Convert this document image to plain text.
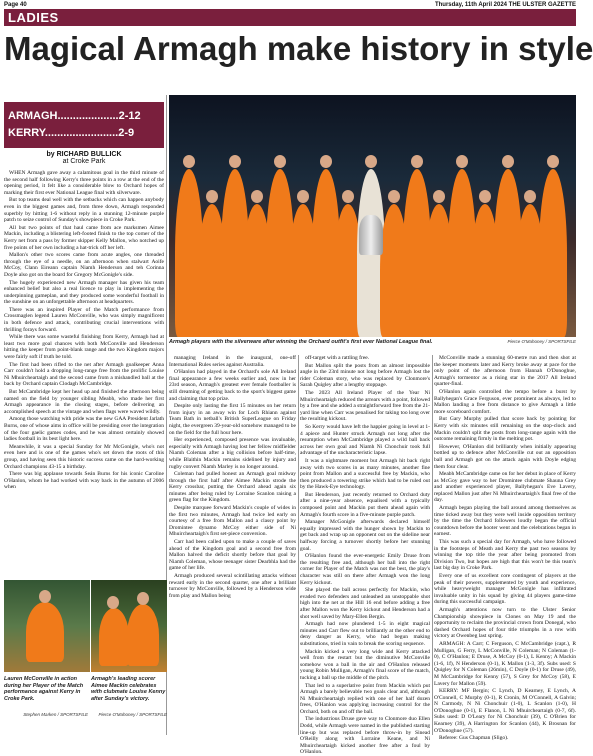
Page 40	Thursday, 11th April 2024 THE ULSTER GAZETTE
LADIES
Magical Armagh make history in style
ARMAGH....................2-12
KERRY........................2-9
by RICHARD BULLICK
at Croke Park

WHEN Armagh gave away a calamitous goal in the third minute of the second half following Kerry's three points in a row at the end of the opening period, it felt like a considerable blow to Orchard hopes of marking their first ever National League final with silverware.

But top teams deal well with the setbacks which can happen anybody even in the biggest games and, from three down, Armagh responded superbly by hitting 1-6 without reply in a stunning 12-minute purple patch to seize control of Sunday's showpiece in Croke Park.

All but two points of that haul came from ace marksmen Aimee Mackin, including a blistering left-footed finish to the top corner of the Kerry net from a pass by former skipper Kelly Mallon, who notched up five points of her own including a hat-trick off her left.

Mallon's other two scores came from acute angles, one threaded through the eye of a needle, on an afternoon when stalwart Aoife McCoy, Clann Eireann captain Niamh Henderson and teh Corinna Doyle also got on the board for Gregory McGonigle's side.

The hugely experienced new Armagh manager has given his team enhanced belief but also a real licence to play in implementing the underpinning gameplan, and they produced some wonderful football in the sunshine on an unforgettable afternoon at headquarters.

There was an inspired Player of the Match performance from Crossmaglen legend Lauren McConville, who was simply magnificent in both defence and attack, contributing crucial interventions with thrilling forays forward.

While there was some wasteful finishing from Kerry, Armagh had at least two more goal chances with both McConville and Henderson hitting the keeper from point-blank range and the two Kingdom majors were fairly soft if truth be told.

The first had been rifled to the net after Armagh goalkeeper Anna Carr couldn't hold a dropping long-range free from the prolific Louise Ni Mhuircheartaigh and the second came from a mishandled ball at the back by Orchard captain Clodagh McCambridge.

But McCambridge kept her head up and finished the afternoon being named on the field by younger sibling Meabh, who made her first Armagh appearance in the closing stages, before delivering an accomplished speech at the vintage and when flags were waved wildly.

Among those watching with pride was the new GAA President Jarlath Burns, one of whose aims in office will be presiding over the integration of the four gaelic games codes, and he was almost certainly showed ladies football in its best light here.

Meanwhile, it was a special Sunday for Mr McGonigle, who's not even here and is one of the games who's set down the roots of this group, and having seen this historic success came on the hard-working Orchard champions 43-15 a birthday.

There was big applause towards Seán Burns for his iconic Caroline O'Hanlon, whom he had worked with way back in the autumn of 2006 when

Armagh players with the silverware after winning the Orchard outfit's first ever National League final.	Pierce O'Mahoney / SPORTSFILE

managing Ireland in the inaugural, one-off International Rules series against Australia.

O'Hanlon had played in the Orchard's sole All Ireland final appearance a few weeks earlier and, now in her 23rd season, Armagh's greatest ever female footballer is still dreaming of getting back to the sport's biggest game and claiming that top prize.

Despite only lasting the first 15 minutes on her return from injury in an away win for Loch Rhiann against Team Bath in netball's British SuperLeague on Friday night, the evergreen 39-year-old somehow managed to be on the field for the full hour here.

Her experienced, composed presence was invaluable, especially with Armagh having lost her fellow midfielder Niamh Coleman after a big collision before half-time, while Blaithin Mackin remains sidelined by injury and rugby convert Niamh Marley is no longer around.

Coleman had pulled honest an Armagh goal midway through the first half after Aimee Mackin strode the Kerry crossbar, putting the Orchard ahead again six minutes after being ruled by Lorraine Scanlon raising a green flag for the Kingdom.

Despite marquee forward Mackin's couple of wides in the first two minutes, Armagh had twice led early on courtesy of a free from Mallon and a classy point by Dromintee dynamo McCoy either side of Ni Mhuircheartaigh's first set-piece conversion.

Carr had been called upon to make a couple of saves ahead of the Kingdom goal and a second free from Mallon halved the deficit shortly before that goal by Niamh Coleman, whose teenager sister Dearbhla had the game of her life.

Armagh produced several scintillating attacks without reward early in the second quarter, one after a brilliant turnover by McConville, followed by a Henderson wide from play and Mallon being

off-target with a rattling free.

But Mallon split the posts from an almost impossible angle in the 23rd minute not long before Armagh lost the rider Coleman story, who was replaced by Clonmore's Sarah Quigley after a lengthy stoppage.

The 2023 All Ireland Player of the Year Ni Mhuircheartaigh reduced the arrears with a point, followed by a free and she added a straightforward free from the 21-yard line when Carr was penalised for taking too long over the resulting kickout.

So Kerry would have left the happier going in level at 1-4 apiece and Hunter struck Armagh not long after the resumption when McCambridge played a wild ball back across her own goal and Niamh Ni Chonchuir took full advantage of the uncharacteristic lapse.

It was a nightmare moment but Armagh hit back right away with two scores in as many minutes, another fine point from Mallon and a successful free by Mackin, who then produced a towering strike which had to be ruled out by the Hawk-Eye technology.

But Henderson, just recently returned to Orchard duty after a nine-year absence, equalised with a typically composed point and Mackin put them ahead again with Armagh's fourth score in a five-minute purple patch.

Manager McGonigle afterwards declared himself equally impressed with the hunger shown by Mackin to get back and wrap up an opponent out on the sideline near halfway forcing a turnover shortly before her stunning goal.

O'Hanlon found the ever-energetic Emily Druse from the resulting free and, although her ball into the right corner for Player of the Match was not the best, the play's character was still on there after Armagh won the long Kerry kickout.

She played the ball across perfectly for Mackin, who evaded two defenders and unleashed an unstoppable shot high into the net at the Hill 16 end before adding a free after Mallon won the Kerry kickout and Henderson had a shot well saved by Mary-Ellen Bergin.

Armagh had now plundered 1-5 in eight magical minutes and Carr flew out to brilliantly at the other end to deny danger as Kerry, who had begun making substitutions, tried in vain to break the scoring sequence.

Mackin kicked a very long wide and Kerry attacked well from the restart but the diminutive McConville somehow won a ball in the air and O'Hanlon released young Robin Mulligan, Armagh's final score of the match, tucking a ball up the middle of the pitch.

That led to a superlative point from Mackin which put Armagh a barely believable two goals clear and, although Ni Mhuircheartaigh replied with one of her half dozen frees, O'Hanlon was applying increasing control for the Orchard, both on and off the ball.

The industrious Druse gave way to Clonmore duo Ellen Dodd, while Armagh were named in the published starting line-up but was replaced before throw-in by Sinead O'Reilly along with Lorraine Keane, and Ni Mhuircheartaigh kicked another free after a foul by O'Hanlon.

McConville made a stunning 60-metre run and then shot at the keeper moments later and Kerry broke away at pace for the only point of the afternoon from Hannah O'Donoghue, Armagh's tormentor as a rising star in the 2017 All Ireland quarter-final.

O'Hanlon again controlled the tempo before a burst by Ballyhegan's Grace Ferguson, ever prominent as always, led to Mallon landing a free from distance to give Armagh a little more scoreboard comfort.

But Gary Murphy pulled that score back by pointing for Kerry with six minutes still remaining on the stop-clock and Mackin couldn't split the posts from long-range again with the outcome remaining firmly in the melting pot.

However, O'Hanlon did brilliantly when initially appearing bottled up to defence after McConville cut out an opposition ball and Armagh got on the attack again with Doyle edging them four clear.

Meabh McCambridge came on for her debut in place of Kerry as McGoy gave way to her Dromintee clubmate Shauna Grey and another experienced player, Ballyhegan's Eve Lavery, replaced Mallon just after Ni Mhuircheartaigh's final free of the day.

Armagh began playing the ball around among themselves as time ticked away but they were well inside opposition territory by the time the Orchard followers loudly began the official countdown before the hooter went and the celebrations began in earnest.

This was such a special day for Armagh, who have followed in the footsteps of Meath and Kerry the past two seasons by winning the top title the year after being promoted from Division Two, but hopes are high that this won't be this team's last big day in Croke Park.

Every one of us excellent core contingent of players at the peak of their powers, supplemented by youth and experience, while heavyweight manager McGonigle has infiltrated invaluable unity in his squad by giving 44 players game-time during this successful campaign.

Armagh's attentions now turn to the Ulster Senior Championship showpiece in Clones on May 19 and the opportunity to reclaim the provincial crown from Donegal, who dashed Orchard hopes of four title triumphs in a row with victory at Owenbeg last spring.

ARMAGH: A Carr; C Ferguson, C McCambridge (capt.), R Mulligan, G Ferry, L McConville, N Coleman; N Coleman (1-0), C O'Hanlon; E Druse, A McCoy (0-1), L Kenny; A Mackin (1-6, 1f), N Henderson (0-1), K Mallon (1-3, 3f). Subs used: S Quigley for N Coleman (26min), C Doyle (0-1) for Druse (49), M McCambridge for Kenny (57), S Grey for McCoy (58), E Lavery for Mallon (59).

KERRY: MF Bergin; C Lynch, D Kearney, E Lynch, A O'Connell, C Murphy (0-1), R Cronin, M O'Connell, A Galvin; N Carmody, N Ni Chonchuir (1-0), L Scanlon (1-0), H O'Donoghue (0-1), E Flanon, L Ni Mhuircheartaigh (0-7, 6f). Subs used: D O'Leary for Ni Chonchuir (39), C O'Brien for Kearney (39), A Harrington for Scanlon (44), K Brosnan for O'Donoghue (57).

Referee: Gus Chapman (Sligo).

Lauren McConville in action during her Player of the Match performance against Kerry in Croke Park.
Stephen Marken / SPORTSFILE
Armagh's leading scorer Aimee Mackin celebrates with clubmate Louise Kenny after Sunday's victory.
Pierce O'Mahoney / SPORTSFILE
